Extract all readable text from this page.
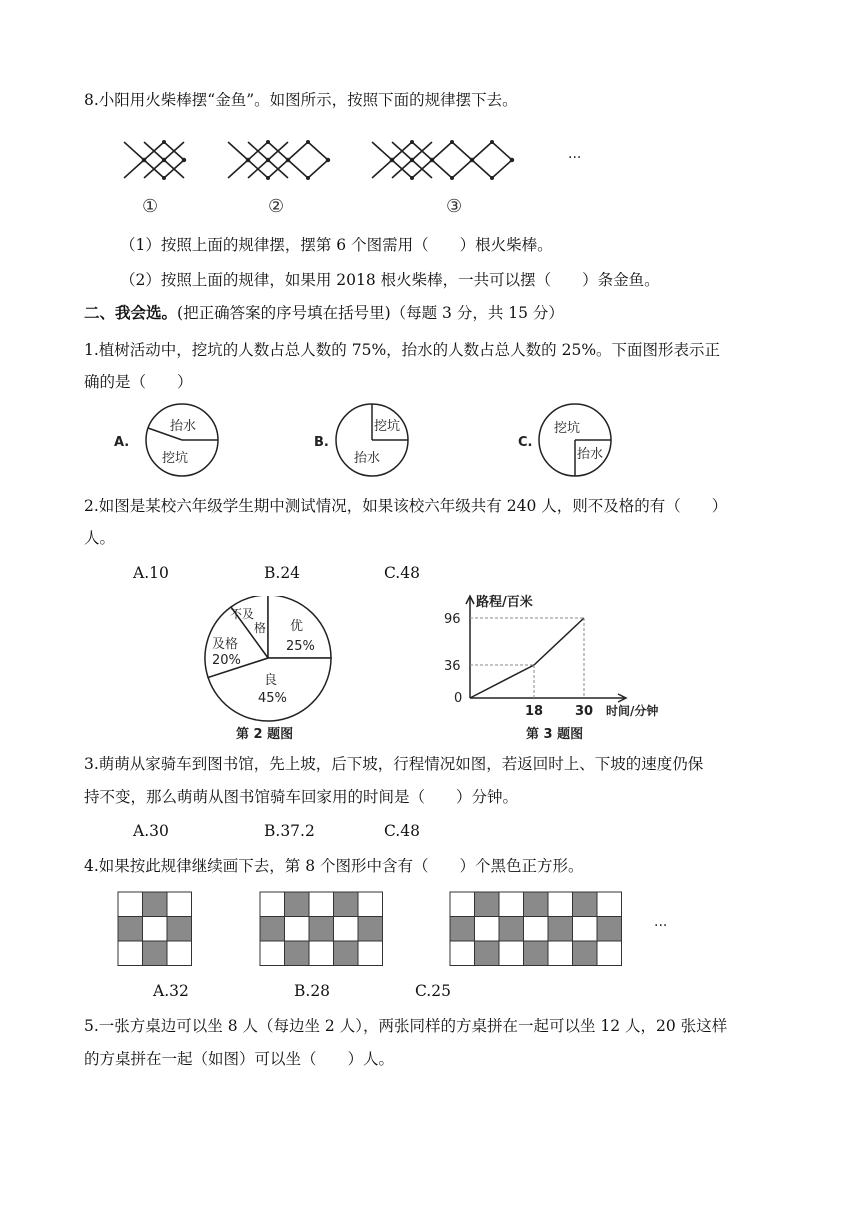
8.小阳用火柴棒摆“金鱼”。如图所示，按照下面的规律摆下去。
···
①	②	③
（1）按照上面的规律摆，摆第 6 个图需用（　　）根火柴棒。
（2）按照上面的规律，如果用 2018 根火柴棒，一共可以摆（　　）条金鱼。
二、我会选。(把正确答案的序号填在括号里)（每题 3 分，共 15 分）
1.植树活动中，挖坑的人数占总人数的 75%，抬水的人数占总人数的 25%。下面图形表示正
确的是（　　）
A.
抬水
挖坑
B.
挖坑
抬水
C.
挖坑
抬水
2.如图是某校六年级学生期中测试情况，如果该校六年级共有 240 人，则不及格的有（　　）
人。
A.10	B.24	C.48
不及
格 优
25%
良
45%
及格
20%
第 2 题图
路程/百米
96
36
0
18 30 时间/分钟
第 3 题图
3.萌萌从家骑车到图书馆，先上坡，后下坡，行程情况如图，若返回时上、下坡的速度仍保
持不变，那么萌萌从图书馆骑车回家用的时间是（　　）分钟。
A.30	B.37.2	C.48
4.如果按此规律继续画下去，第 8 个图形中含有（　　）个黑色正方形。
···
A.32	B.28	C.25
5.一张方桌边可以坐 8 人（每边坐 2 人），两张同样的方桌拼在一起可以坐 12 人，20 张这样
的方桌拼在一起（如图）可以坐（　　）人。
